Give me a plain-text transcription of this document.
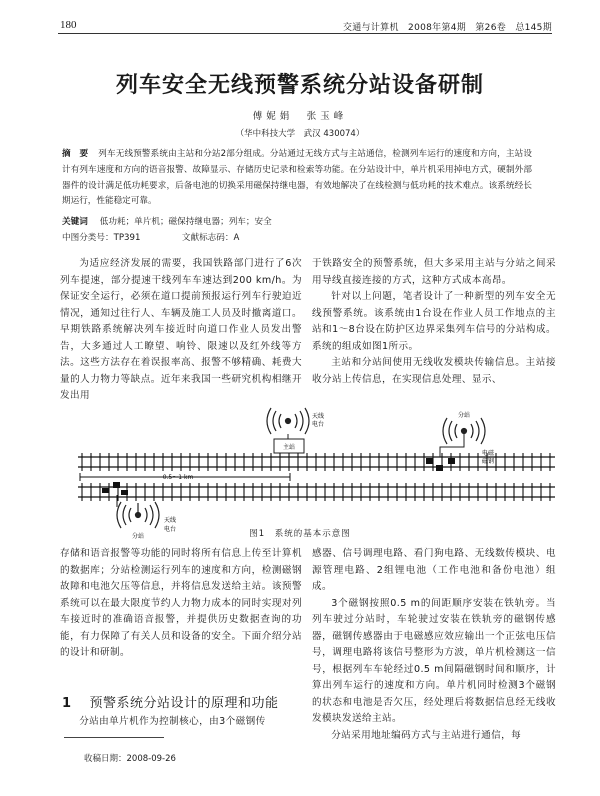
180	交通与计算机　2008年第4期　第26卷　总145期
列车安全无线预警系统分站设备研制
傅妮娟　张玉峰
（华中科技大学　武汉 430074）
摘　要 列车无线预警系统由主站和分站2部分组成。分站通过无线方式与主站通信，检测列车运行的速度和方向，主站设计有列车速度和方向的语音报警、故障显示、存储历史记录和检索等功能。在分站设计中，单片机采用掉电方式，硬制外部器件的设计满足低功耗要求，后备电池的切换采用磁保持继电器，有效地解决了在线检测与低功耗的技术难点。该系统经长期运行，性能稳定可靠。
关键词 低功耗；单片机；磁保持继电器；列车；安全
中图分类号：TP391	文献标志码：A

为适应经济发展的需要，我国铁路部门进行了6次列车提速，部分提速干线列车车速达到200 km/h。为保证安全运行，必须在道口提前预报运行列车行驶迫近情况，通知过往行人、车辆及施工人员及时撤离道口。早期铁路系统解决列车接近时向道口作业人员发出警告，大多通过人工瞭望、响铃、限速以及红外线等方法。这些方法存在着误报率高、报警不够精确、耗费大量的人力物力等缺点。近年来我国一些研究机构相继开发出用

于铁路安全的预警系统，但大多采用主站与分站之间采用导线直接连接的方式，这种方式成本高昂。

针对以上问题，笔者设计了一种新型的列车安全无线预警系统。该系统由1台设在作业人员工作地点的主站和1～8台设在防护区边界采集列车信号的分站构成。系统的组成如图1所示。

主站和分站间使用无线收发模块传输信息。主站接收分站上传信息，在实现信息处理、显示、

天线
电台
主站
0.5～1 km
分站
天线
电台
分站
电磁
磁钢
图1　系统的基本示意图

存储和语音报警等功能的同时将所有信息上传至计算机的数据库；分站检测运行列车的速度和方向，检测磁钢故障和电池欠压等信息，并将信息发送给主站。该预警系统可以在最大限度节约人力物力成本的同时实现对列车接近时的准确语音报警，并提供历史数据查询的功能，有力保障了有关人员和设备的安全。下面介绍分站的设计和研制。

1 预警系统分站设计的原理和功能

分站由单片机作为控制核心，由3个磁钢传

收稿日期：2008-09-26

感器、信号调理电路、看门狗电路、无线数传模块、电源管理电路、2组锂电池（工作电池和备份电池）组成。

3个磁钢按照0.5 m的间距顺序安装在铁轨旁。当列车驶过分站时，车轮驶过安装在铁轨旁的磁钢传感器，磁钢传感器由于电磁感应效应输出一个正弦电压信号，调理电路将该信号整形为方波，单片机检测这一信号，根据列车车轮经过0.5 m间隔磁钢时间和顺序，计算出列车运行的速度和方向。单片机同时检测3个磁钢的状态和电池是否欠压，经处理后将数据信息经无线收发模块发送给主站。

分站采用地址编码方式与主站进行通信，每
